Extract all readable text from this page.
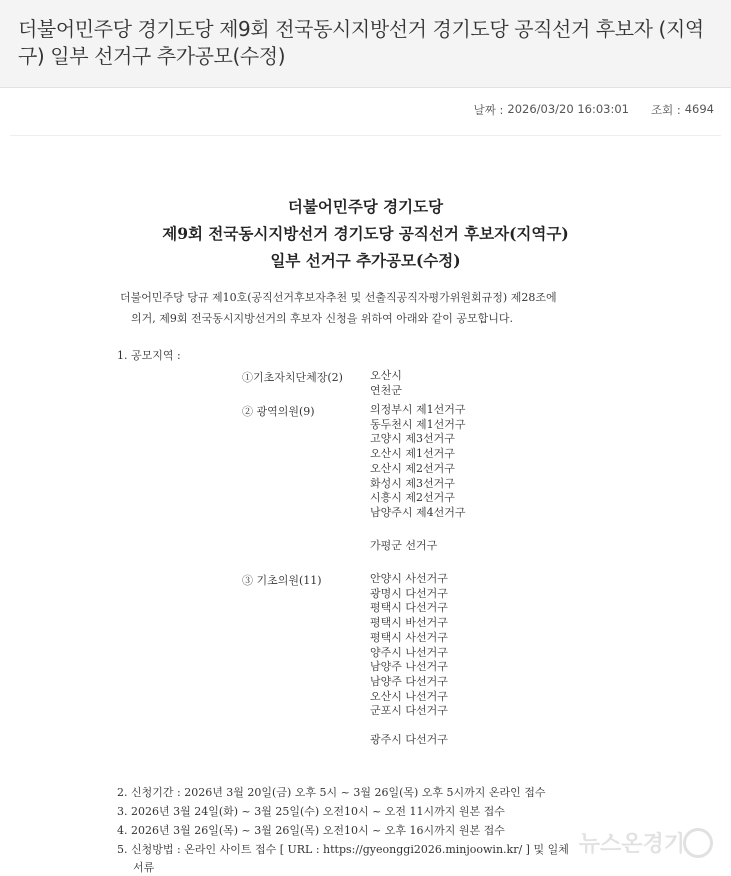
더불어민주당 경기도당 제9회 전국동시지방선거 경기도당 공직선거 후보자 (지역구) 일부 선거구 추가공모(수정)
날짜 : 2026/03/20 16:03:01 조회 : 4694
더불어민주당 경기도당
제9회 전국동시지방선거 경기도당 공직선거 후보자(지역구)
일부 선거구 추가공모(수정)
더불어민주당 당규 제10호(공직선거후보자추천 및 선출직공직자평가위원회규정) 제28조에
의거, 제9회 전국동시지방선거의 후보자 신청을 위하여 아래와 같이 공모합니다.
1. 공모지역 :
①기초자치단체장(2) 오산시
연천군
② 광역의원(9)	의정부시 제1선거구
동두천시 제1선거구
고양시 제3선거구
오산시 제1선거구
오산시 제2선거구
화성시 제3선거구
시흥시 제2선거구
남양주시 제4선거구
가평군 선거구
③ 기초의원(11)	안양시 사선거구
광명시 다선거구
평택시 다선거구
평택시 바선거구
평택시 사선거구
양주시 나선거구
남양주 나선거구
남양주 다선거구
오산시 나선거구
군포시 다선거구
광주시 다선거구
2. 신청기간 : 2026년 3월 20일(금) 오후 5시 ~ 3월 26일(목) 오후 5시까지 온라인 접수
3. 2026년 3월 24일(화) ~ 3월 25일(수) 오전10시 ~ 오전 11시까지 원본 접수
4. 2026년 3월 26일(목) ~ 3월 26일(목) 오전10시 ~ 오후 16시까지 원본 접수
5. 신청방법 : 온라인 사이트 접수 [ URL : https://gyeonggi2026.minjoowin.kr/ ] 및 일체
서류
뉴스온경기
